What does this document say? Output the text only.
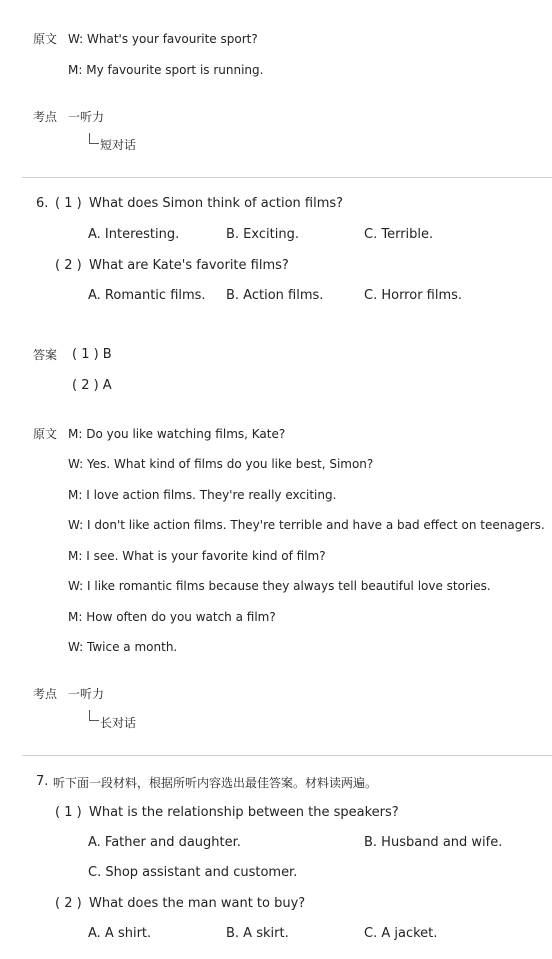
原文 W: What's your favourite sport?
M: My favourite sport is running.
考点 一听力
短对话
6. ( 1 ) What does Simon think of action films?
A. Interesting.	B. Exciting.	C. Terrible.
( 2 ) What are Kate's favorite films?
A. Romantic films. B. Action films.	C. Horror films.
答案 ( 1 ) B
( 2 ) A
原文 M: Do you like watching films, Kate?
W: Yes. What kind of films do you like best, Simon?
M: I love action films. They're really exciting.
W: I don't like action films. They're terrible and have a bad effect on teenagers.
M: I see. What is your favorite kind of film?
W: I like romantic films because they always tell beautiful love stories.
M: How often do you watch a film?
W: Twice a month.
考点 一听力
长对话
7. 听下面一段材料，根据所听内容选出最佳答案。材料读两遍。
( 1 ) What is the relationship between the speakers?
A. Father and daughter.	B. Husband and wife.
C. Shop assistant and customer.
( 2 ) What does the man want to buy?
A. A shirt.	B. A skirt.	C. A jacket.
